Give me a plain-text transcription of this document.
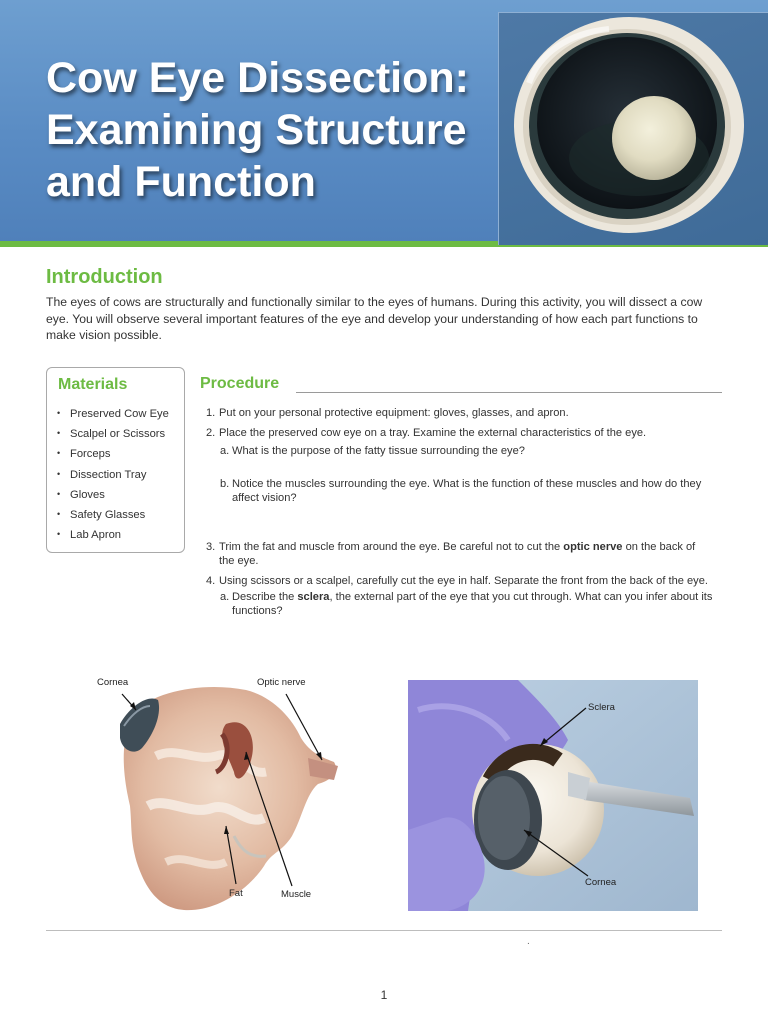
Cow Eye Dissection:
Examining Structure
and Function
Introduction

The eyes of cows are structurally and functionally similar to the eyes of humans. During this activity, you will dissect a cow eye. You will observe several important features of the eye and develop your understanding of how each part functions to make vision possible.

Materials
• Preserved Cow Eye
• Scalpel or Scissors
• Forceps
• Dissection Tray
• Gloves
• Safety Glasses
• Lab Apron
Procedure
1. Put on your personal protective equipment: gloves, glasses, and apron.
2. Place the preserved cow eye on a tray. Examine the external characteristics of the eye.
a. What is the purpose of the fatty tissue surrounding the eye?
b. Notice the muscles surrounding the eye. What is the function of these muscles and how do they
affect vision?
3. Trim the fat and muscle from around the eye. Be careful not to cut the optic nerve on the back of
the eye.
4. Using scissors or a scalpel, carefully cut the eye in half. Separate the front from the back of the eye.
a. Describe the sclera, the external part of the eye that you cut through. What can you infer about its
functions?
Cornea	Optic nerve
Fat	Muscle
Sclera
Cornea
.
1
